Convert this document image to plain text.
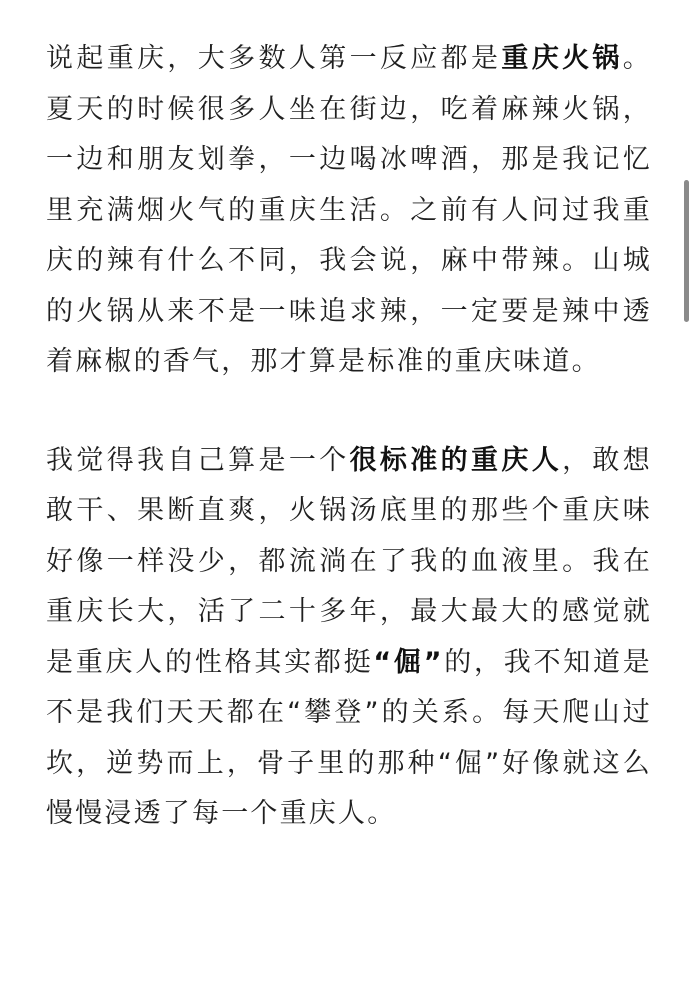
说起重庆，大多数人第一反应都是重庆火锅。夏天的时候很多人坐在街边，吃着麻辣火锅，一边和朋友划拳，一边喝冰啤酒，那是我记忆里充满烟火气的重庆生活。之前有人问过我重庆的辣有什么不同，我会说，麻中带辣。山城的火锅从来不是一味追求辣，一定要是辣中透着麻椒的香气，那才算是标准的重庆味道。

我觉得我自己算是一个很标准的重庆人，敢想敢干、果断直爽，火锅汤底里的那些个重庆味好像一样没少，都流淌在了我的血液里。我在重庆长大，活了二十多年，最大最大的感觉就是重庆人的性格其实都挺“倔”的，我不知道是不是我们天天都在“攀登”的关系。每天爬山过坎，逆势而上，骨子里的那种“倔”好像就这么慢慢浸透了每一个重庆人。
